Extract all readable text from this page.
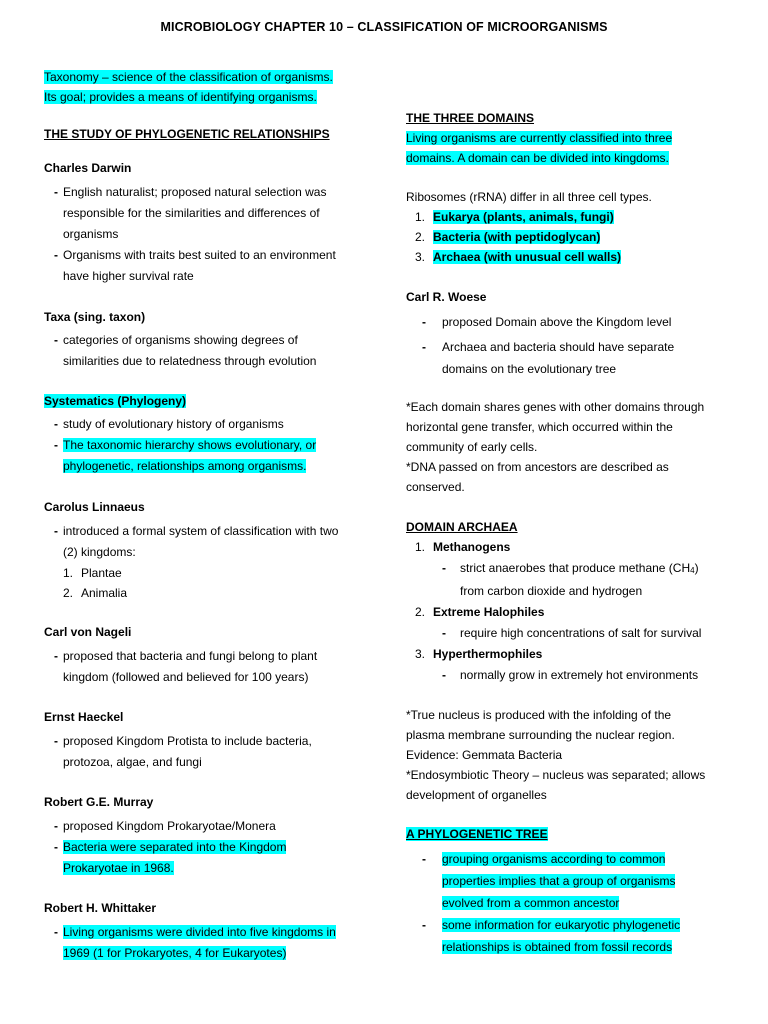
MICROBIOLOGY CHAPTER 10 – CLASSIFICATION OF MICROORGANISMS
Taxonomy – science of the classification of organisms.
Its goal; provides a means of identifying organisms.
THE STUDY OF PHYLOGENETIC RELATIONSHIPS
Charles Darwin
- English naturalist; proposed natural selection was
responsible for the similarities and differences of
organisms
- Organisms with traits best suited to an environment
have higher survival rate
Taxa (sing. taxon)
- categories of organisms showing degrees of
similarities due to relatedness through evolution
Systematics (Phylogeny)
- study of evolutionary history of organisms
- The taxonomic hierarchy shows evolutionary, or
phylogenetic, relationships among organisms.
Carolus Linnaeus
- introduced a formal system of classification with two
(2) kingdoms:
1. Plantae
2. Animalia
Carl von Nageli
- proposed that bacteria and fungi belong to plant
kingdom (followed and believed for 100 years)
Ernst Haeckel
- proposed Kingdom Protista to include bacteria,
protozoa, algae, and fungi
Robert G.E. Murray
- proposed Kingdom Prokaryotae/Monera
- Bacteria were separated into the Kingdom
Prokaryotae in 1968.
Robert H. Whittaker
- Living organisms were divided into five kingdoms in
1969 (1 for Prokaryotes, 4 for Eukaryotes)
THE THREE DOMAINS
Living organisms are currently classified into three
domains. A domain can be divided into kingdoms.
Ribosomes (rRNA) differ in all three cell types.
1. Eukarya (plants, animals, fungi)
2. Bacteria (with peptidoglycan)
3. Archaea (with unusual cell walls)
Carl R. Woese
- proposed Domain above the Kingdom level
- Archaea and bacteria should have separate
domains on the evolutionary tree
*Each domain shares genes with other domains through
horizontal gene transfer, which occurred within the
community of early cells.
*DNA passed on from ancestors are described as
conserved.
DOMAIN ARCHAEA
1. Methanogens
- strict anaerobes that produce methane $(CH_4)$
from carbon dioxide and hydrogen
2. Extreme Halophiles
- require high concentrations of salt for survival
3. Hyperthermophiles
- normally grow in extremely hot environments
*True nucleus is produced with the infolding of the
plasma membrane surrounding the nuclear region.
Evidence: Gemmata Bacteria
*Endosymbiotic Theory – nucleus was separated; allows
development of organelles
A PHYLOGENETIC TREE
- grouping organisms according to common
properties implies that a group of organisms
evolved from a common ancestor
- some information for eukaryotic phylogenetic
relationships is obtained from fossil records
